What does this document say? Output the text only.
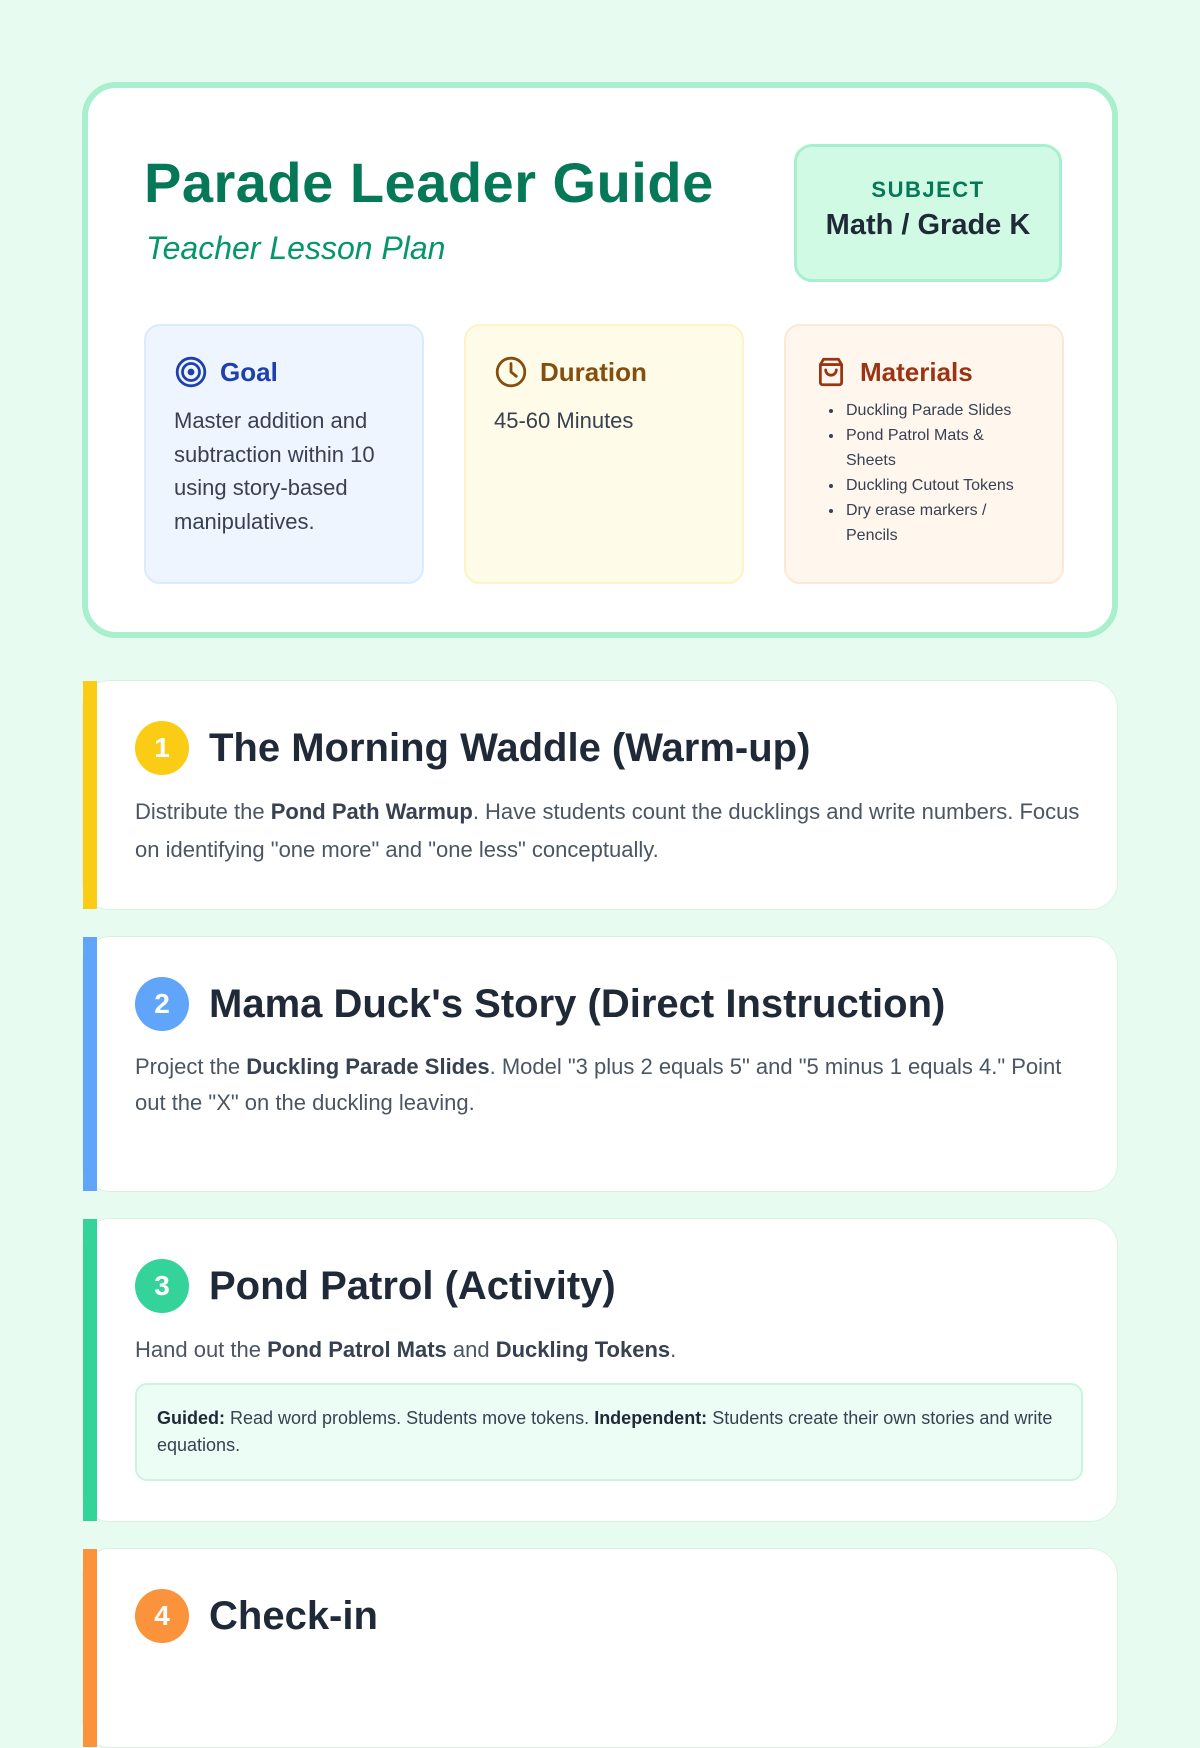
Parade Leader Guide
Teacher Lesson Plan
SUBJECT
Math / Grade K
Goal

Master addition and subtraction within 10 using story-based manipulatives.

Duration

45-60 Minutes

Materials
• Duckling Parade Slides
• Pond Patrol Mats & Sheets
• Duckling Cutout Tokens
• Dry erase markers / Pencils
1 The Morning Waddle (Warm-up)

Distribute the Pond Path Warmup. Have students count the ducklings and write numbers. Focus on identifying "one more" and "one less" conceptually.

2 Mama Duck's Story (Direct Instruction)

Project the Duckling Parade Slides. Model "3 plus 2 equals 5" and "5 minus 1 equals 4." Point out the "X" on the duckling leaving.

3 Pond Patrol (Activity)

Hand out the Pond Patrol Mats and Duckling Tokens.

Guided: Read word problems. Students move tokens. Independent: Students create their own stories and write equations.
4 Check-in
